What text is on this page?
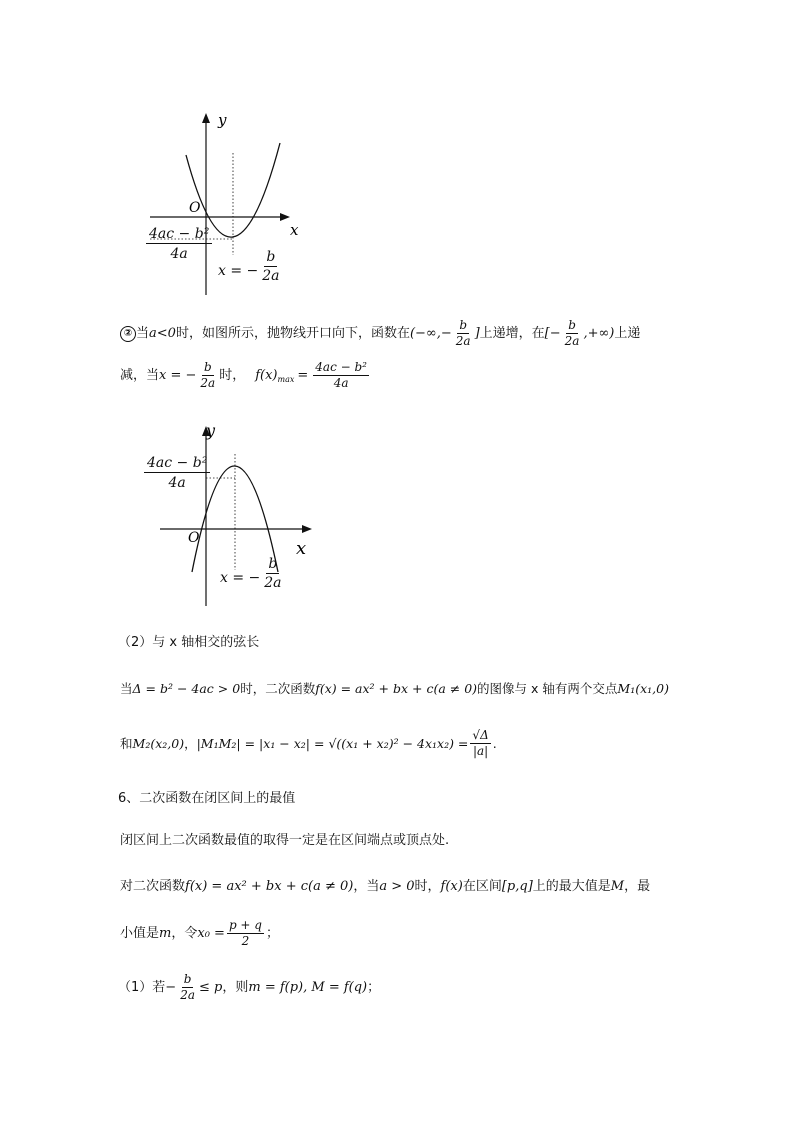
y
x
O
4ac − b²
4a
x = − $\frac{b}{2a}$
② 当 a<0 时，如图所示，抛物线开口向下，函数在 (−∞,− $\frac{b}{2a}$ ] 上递增，在 [− $\frac{b}{2a}$ ,+∞) 上递
减，当 x = − $\frac{b}{2a}$ 时， f(x) $\max = \frac{\text{4ac − b²}}{4a}$
y
x
O
4ac − b²
4a
x = − $\frac{b}{2a}$
（2）与 x 轴相交的弦长
当 Δ = b² − 4ac > 0 时，二次函数 f(x) = ax² + bx + c(a ≠ 0) 的图像与 x 轴有两个交点 M₁(x₁,0)
和 M₂(x₂,0) ， $|M_1M_2| = |x_1 - x_2| = √((x_1 + x_2)^2 - 4x_1x_2) = \frac{√\Delta}{|a|}$ .
6、二次函数在闭区间上的最值
闭区间上二次函数最值的取得一定是在区间端点或顶点处.
对二次函数 f(x) = ax² + bx + c(a ≠ 0) ，当 a > 0 时， f(x) 在区间 [p,q] 上的最大值是 M ，最
小值是 m ，令 $x_0 = \frac{p + q}{2}$ ；
（1）若 − $\frac{b}{2a} \le p$ ，则 m = f(p), M = f(q) ；
